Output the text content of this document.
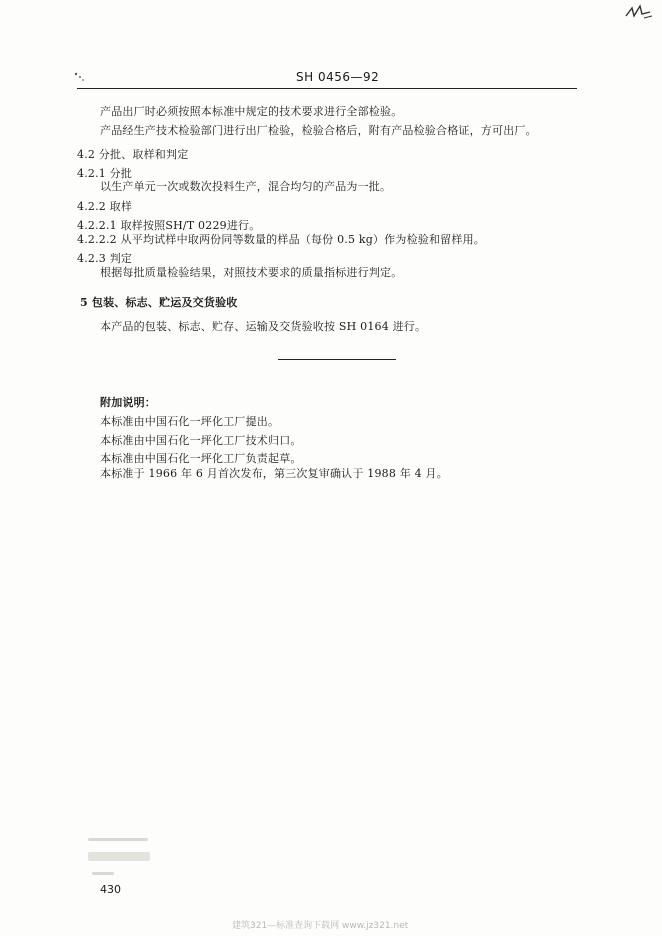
SH 0456—92
产品出厂时必须按照本标准中规定的技术要求进行全部检验。
产品经生产技术检验部门进行出厂检验，检验合格后，附有产品检验合格证，方可出厂。
4.2 分批、取样和判定
4.2.1 分批
以生产单元一次或数次投料生产，混合均匀的产品为一批。
4.2.2 取样
4.2.2.1 取样按照SH/T 0229进行。
4.2.2.2 从平均试样中取两份同等数量的样品（每份 0.5 kg）作为检验和留样用。
4.2.3 判定
根据每批质量检验结果，对照技术要求的质量指标进行判定。
5 包装、标志、贮运及交货验收
本产品的包装、标志、贮存、运输及交货验收按 SH 0164 进行。
附加说明：
本标准由中国石化一坪化工厂提出。
本标准由中国石化一坪化工厂技术归口。
本标准由中国石化一坪化工厂负责起草。
本标准于 1966 年 6 月首次发布，第三次复审确认于 1988 年 4 月。
430
建筑321—标准查询下载网 www.jz321.net
